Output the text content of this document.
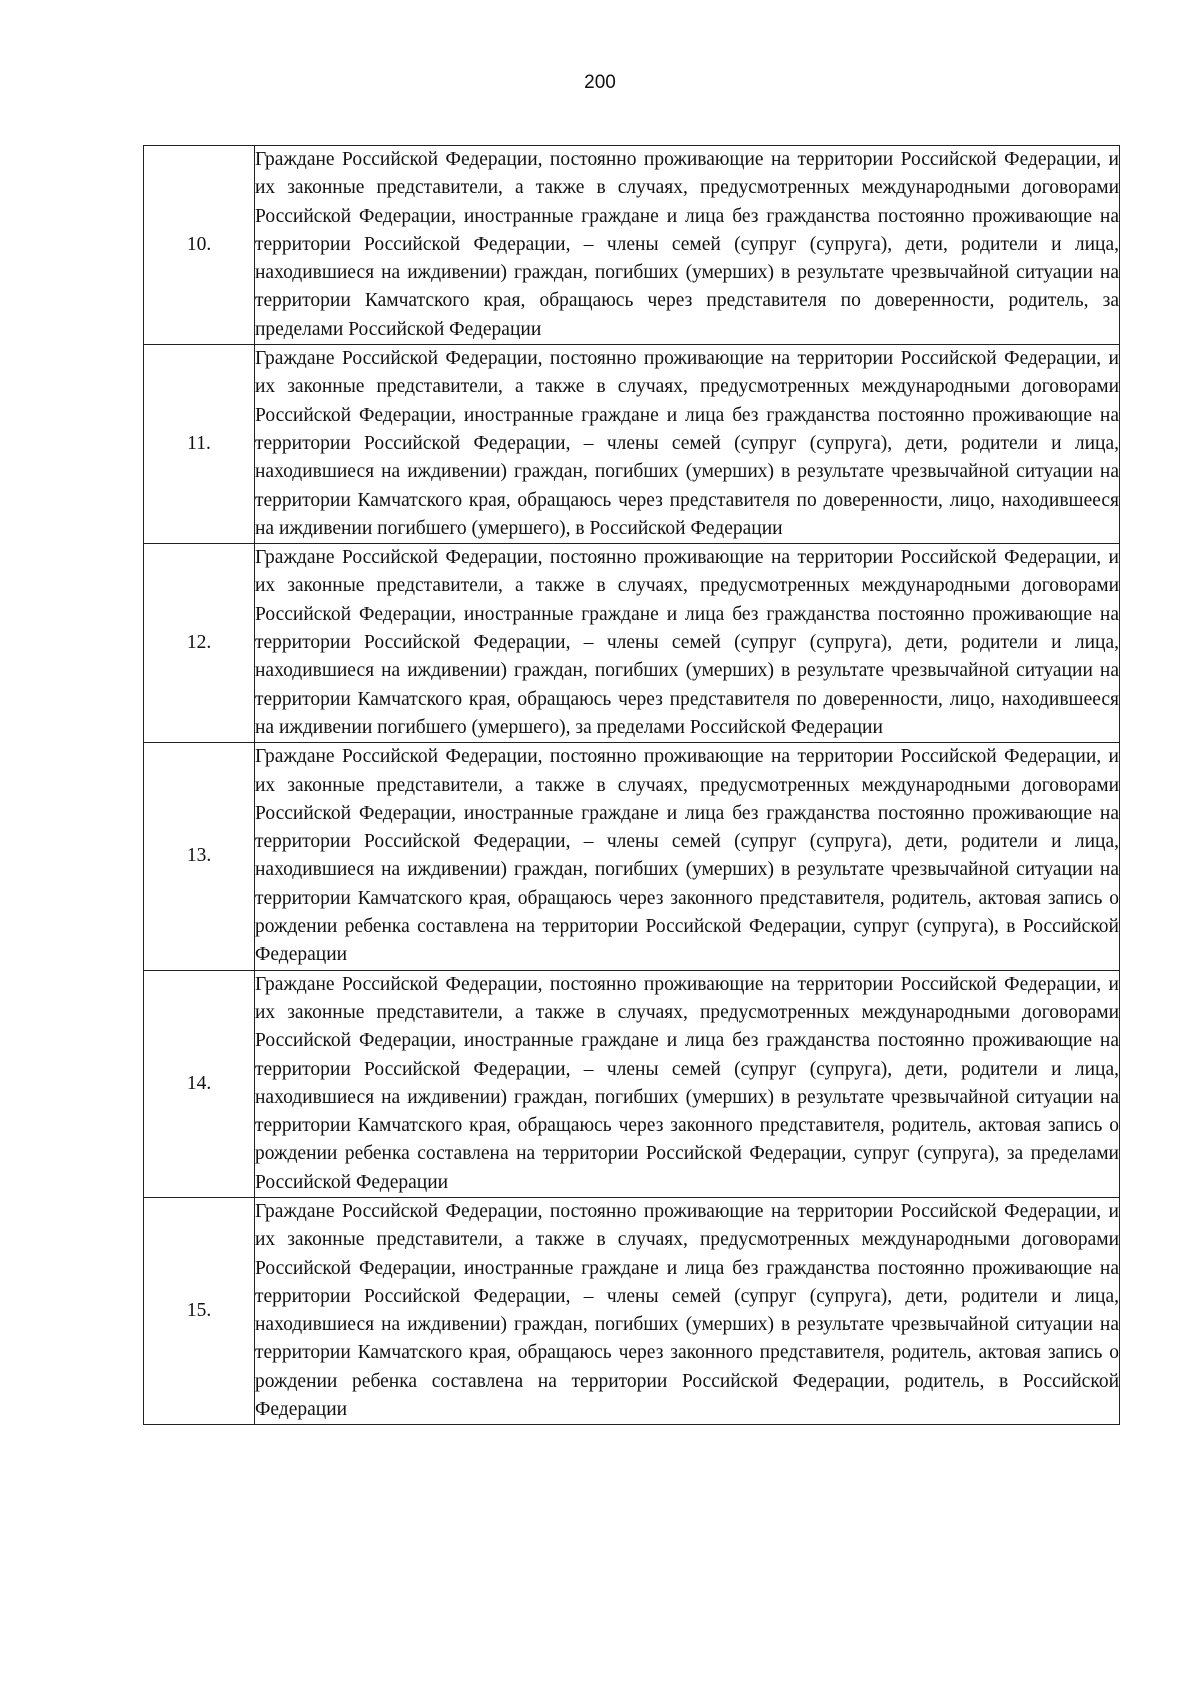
200
10.	Граждане Российской Федерации, постоянно проживающие на территории Российской Федерации, и их законные представители, а также в случаях, предусмотренных международными договорами Российской Федерации, иностранные граждане и лица без гражданства постоянно проживающие на территории Российской Федерации, – члены семей (супруг (супруга), дети, родители и лица, находившиеся на иждивении) граждан, погибших (умерших) в результате чрезвычайной ситуации на территории Камчатского края, обращаюсь через представителя по доверенности, родитель, за пределами Российской Федерации
11.	Граждане Российской Федерации, постоянно проживающие на территории Российской Федерации, и их законные представители, а также в случаях, предусмотренных международными договорами Российской Федерации, иностранные граждане и лица без гражданства постоянно проживающие на территории Российской Федерации, – члены семей (супруг (супруга), дети, родители и лица, находившиеся на иждивении) граждан, погибших (умерших) в результате чрезвычайной ситуации на территории Камчатского края, обращаюсь через представителя по доверенности, лицо, находившееся на иждивении погибшего (умершего), в Российской Федерации
12.	Граждане Российской Федерации, постоянно проживающие на территории Российской Федерации, и их законные представители, а также в случаях, предусмотренных международными договорами Российской Федерации, иностранные граждане и лица без гражданства постоянно проживающие на территории Российской Федерации, – члены семей (супруг (супруга), дети, родители и лица, находившиеся на иждивении) граждан, погибших (умерших) в результате чрезвычайной ситуации на территории Камчатского края, обращаюсь через представителя по доверенности, лицо, находившееся на иждивении погибшего (умершего), за пределами Российской Федерации
13.	Граждане Российской Федерации, постоянно проживающие на территории Российской Федерации, и их законные представители, а также в случаях, предусмотренных международными договорами Российской Федерации, иностранные граждане и лица без гражданства постоянно проживающие на территории Российской Федерации, – члены семей (супруг (супруга), дети, родители и лица, находившиеся на иждивении) граждан, погибших (умерших) в результате чрезвычайной ситуации на территории Камчатского края, обращаюсь через законного представителя, родитель, актовая запись о рождении ребенка составлена на территории Российской Федерации, супруг (супруга), в Российской Федерации
14.	Граждане Российской Федерации, постоянно проживающие на территории Российской Федерации, и их законные представители, а также в случаях, предусмотренных международными договорами Российской Федерации, иностранные граждане и лица без гражданства постоянно проживающие на территории Российской Федерации, – члены семей (супруг (супруга), дети, родители и лица, находившиеся на иждивении) граждан, погибших (умерших) в результате чрезвычайной ситуации на территории Камчатского края, обращаюсь через законного представителя, родитель, актовая запись о рождении ребенка составлена на территории Российской Федерации, супруг (супруга), за пределами Российской Федерации
15.	Граждане Российской Федерации, постоянно проживающие на территории Российской Федерации, и их законные представители, а также в случаях, предусмотренных международными договорами Российской Федерации, иностранные граждане и лица без гражданства постоянно проживающие на территории Российской Федерации, – члены семей (супруг (супруга), дети, родители и лица, находившиеся на иждивении) граждан, погибших (умерших) в результате чрезвычайной ситуации на территории Камчатского края, обращаюсь через законного представителя, родитель, актовая запись о рождении ребенка составлена на территории Российской Федерации, родитель, в Российской Федерации
